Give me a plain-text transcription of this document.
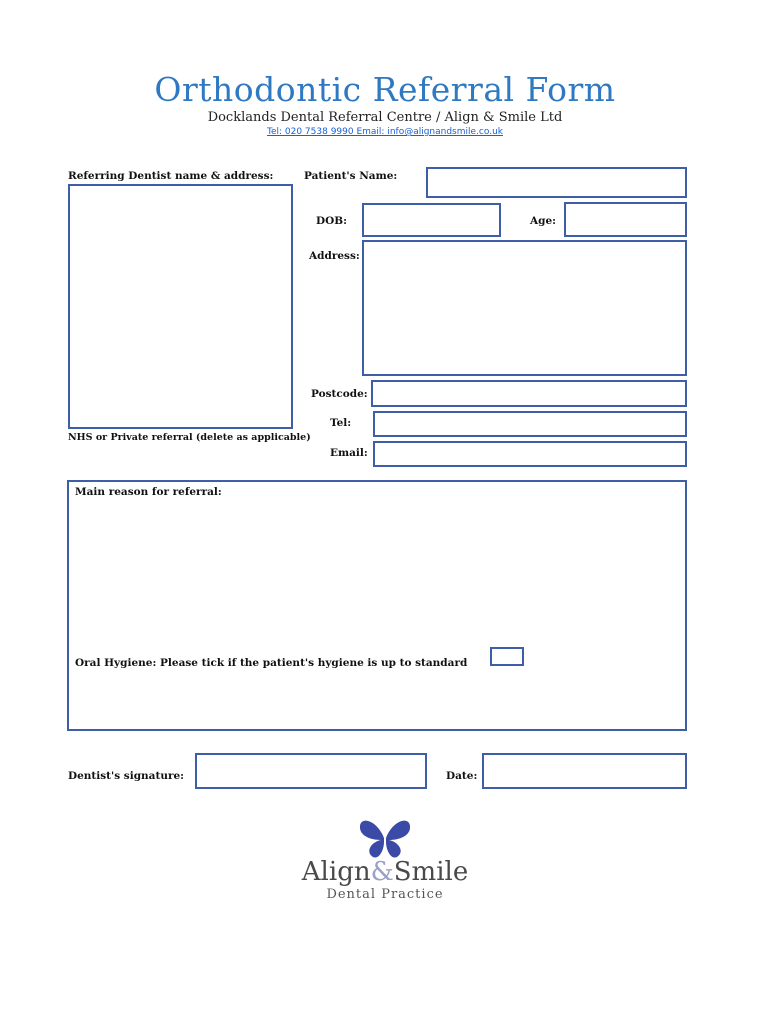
Orthodontic Referral Form
Docklands Dental Referral Centre / Align & Smile Ltd
Tel: 020 7538 9990 Email: info@alignandsmile.co.uk
Referring Dentist name & address:	Patient's Name:
DOB:	Age:
Address:
Postcode:
Tel:
NHS or Private referral (delete as applicable)
Email:
Main reason for referral:
Oral Hygiene: Please tick if the patient's hygiene is up to standard
Dentist's signature:	Date:
Align&Smile
Dental Practice
